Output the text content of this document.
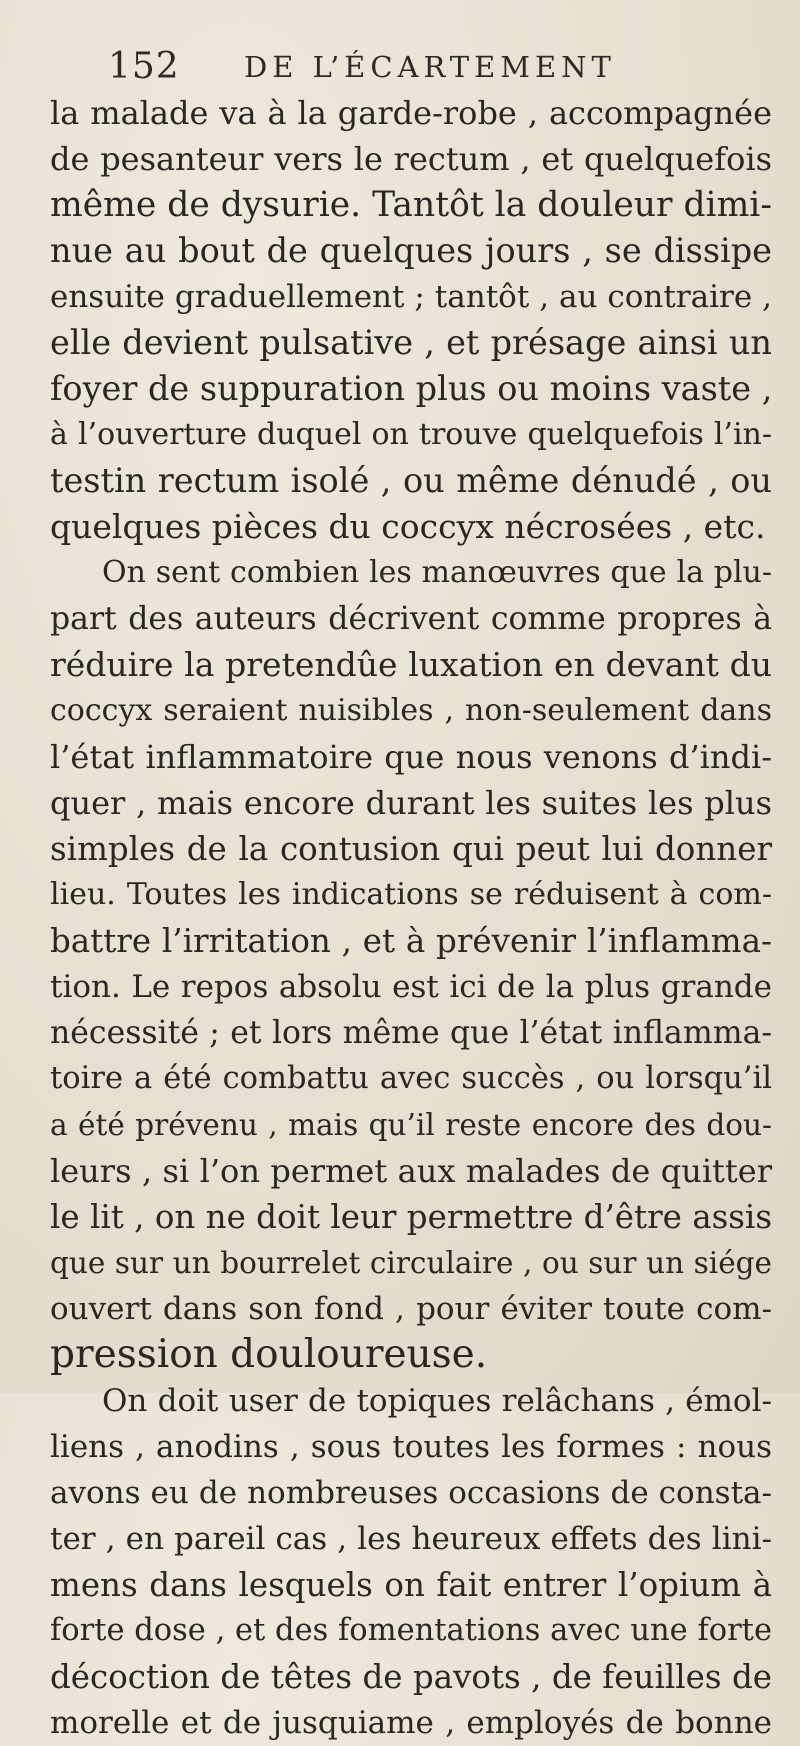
152 DE L’ÉCARTEMENT
la malade va à la garde-robe , accompagnée
de pesanteur vers le rectum , et quelquefois
même de dysurie. Tantôt la douleur dimi-
nue au bout de quelques jours , se dissipe
ensuite graduellement ; tantôt , au contraire ,
elle devient pulsative , et présage ainsi un
foyer de suppuration plus ou moins vaste ,
à l’ouverture duquel on trouve quelquefois l’in-
testin rectum isolé , ou même dénudé , ou
quelques pièces du coccyx nécrosées , etc.
On sent combien les manœuvres que la plu-
part des auteurs décrivent comme propres à
réduire la pretendûe luxation en devant du
coccyx seraient nuisibles , non-seulement dans
l’état inflammatoire que nous venons d’indi-
quer , mais encore durant les suites les plus
simples de la contusion qui peut lui donner
lieu. Toutes les indications se réduisent à com-
battre l’irritation , et à prévenir l’inflamma-
tion. Le repos absolu est ici de la plus grande
nécessité ; et lors même que l’état inflamma-
toire a été combattu avec succès , ou lorsqu’il
a été prévenu , mais qu’il reste encore des dou-
leurs , si l’on permet aux malades de quitter
le lit , on ne doit leur permettre d’être assis
que sur un bourrelet circulaire , ou sur un siége
ouvert dans son fond , pour éviter toute com-
pression douloureuse.
On doit user de topiques relâchans , émol-
liens , anodins , sous toutes les formes : nous
avons eu de nombreuses occasions de consta-
ter , en pareil cas , les heureux effets des lini-
mens dans lesquels on fait entrer l’opium à
forte dose , et des fomentations avec une forte
décoction de têtes de pavots , de feuilles de
morelle et de jusquiame , employés de bonne
